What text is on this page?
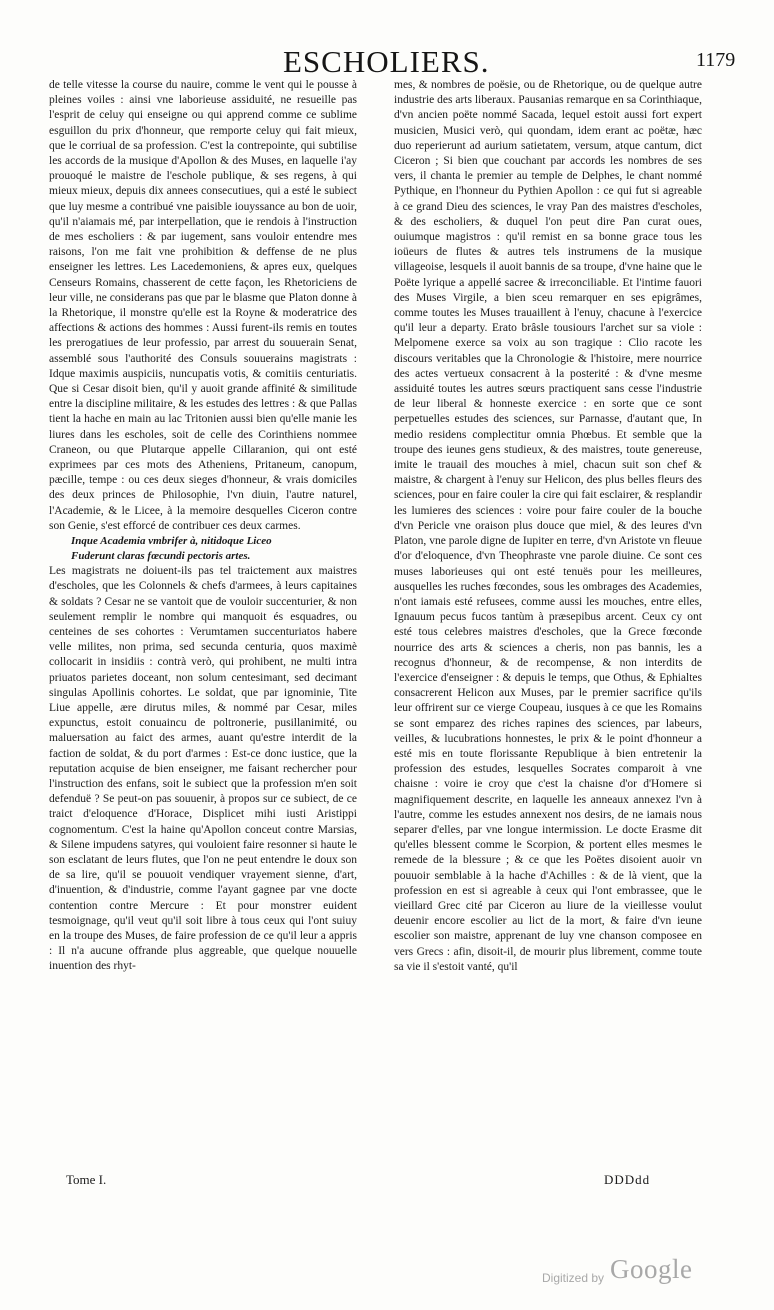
ESCHOLIERS.	1179

de telle vitesse la course du nauire, comme le vent qui le pousse à pleines voiles : ainsi vne laborieuse assiduité, ne resueille pas l'esprit de celuy qui enseigne ou qui apprend comme ce sublime esguillon du prix d'honneur, que remporte celuy qui fait mieux, que le corriual de sa profession. C'est la contrepointe, qui subtilise les accords de la musique d'Apollon & des Muses, en laquelle i'ay prouoqué le maistre de l'eschole publique, & ses regens, à qui mieux mieux, depuis dix annees consecutiues, qui a esté le subiect que luy mesme a contribué vne paisible iouyssance au bon de uoir, qu'il n'aiamais mé, par interpellation, que ie rendois à l'instruction de mes escholiers : & par iugement, sans vouloir entendre mes raisons, l'on me fait vne prohibition & deffense de ne plus enseigner les lettres. Les Lacedemoniens, & apres eux, quelques Censeurs Romains, chasserent de cette façon, les Rhetoriciens de leur ville, ne considerans pas que par le blasme que Platon donne à la Rhetorique, il monstre qu'elle est la Royne & moderatrice des affections & actions des hommes : Aussi furent-ils remis en toutes les prerogatiues de leur professio, par arrest du souuerain Senat, assemblé sous l'authorité des Consuls souuerains magistrats : Idque maximis auspiciis, nuncupatis votis, & comitiis centuriatis. Que si Cesar disoit bien, qu'il y auoit grande affinité & similitude entre la discipline militaire, & les estudes des lettres : & que Pallas tient la hache en main au lac Tritonien aussi bien qu'elle manie les liures dans les escholes, soit de celle des Corinthiens nommee Craneon, ou que Plutarque appelle Cillaranion, qui ont esté exprimees par ces mots des Atheniens, Pritaneum, canopum, pæcille, tempe : ou ces deux sieges d'honneur, & vrais domiciles des deux princes de Philosophie, l'vn diuin, l'autre naturel, l'Academie, & le Licee, à la memoire desquelles Ciceron contre son Genie, s'est efforcé de contribuer ces deux carmes.

Inque Academia vmbrifer à, nitidoque Liceo

Fuderunt claras fœcundi pectoris artes.

Les magistrats ne doiuent-ils pas tel traictement aux maistres d'escholes, que les Colonnels & chefs d'armees, à leurs capitaines & soldats ? Cesar ne se vantoit que de vouloir succenturier, & non seulement remplir le nombre qui manquoit és esquadres, ou centeines de ses cohortes : Verumtamen succenturiatos habere velle milites, non prima, sed secunda centuria, quos maximè collocarit in insidiis : contrà verò, qui prohibent, ne multi intra priuatos parietes doceant, non solum centesimant, sed decimant singulas Apollinis cohortes. Le soldat, que par ignominie, Tite Liue appelle, ære dirutus miles, & nommé par Cesar, miles expunctus, estoit conuaincu de poltronerie, pusillanimité, ou maluersation au faict des armes, auant qu'estre interdit de la faction de soldat, & du port d'armes : Est-ce donc iustice, que la reputation acquise de bien enseigner, me faisant rechercher pour l'instruction des enfans, soit le subiect que la profession m'en soit defenduë ? Se peut-on pas souuenir, à propos sur ce subiect, de ce traict d'eloquence d'Horace, Displicet mihi iusti Aristippi cognomentum. C'est la haine qu'Apollon conceut contre Marsias, & Silene impudens satyres, qui vouloient faire resonner si haute le son esclatant de leurs flutes, que l'on ne peut entendre le doux son de sa lire, qu'il se pouuoit vendiquer vrayement sienne, d'art, d'inuention, & d'industrie, comme l'ayant gagnee par vne docte contention contre Mercure : Et pour monstrer euident tesmoignage, qu'il veut qu'il soit libre à tous ceux qui l'ont suiuy en la troupe des Muses, de faire profession de ce qu'il leur a appris : Il n'a aucune offrande plus aggreable, que quelque nouuelle inuention des rhyt-

mes, & nombres de poësie, ou de Rhetorique, ou de quelque autre industrie des arts liberaux. Pausanias remarque en sa Corinthiaque, d'vn ancien poëte nommé Sacada, lequel estoit aussi fort expert musicien, Musici verò, qui quondam, idem erant ac poëtæ, hæc duo reperierunt ad aurium satietatem, versum, atque cantum, dict Ciceron ; Si bien que couchant par accords les nombres de ses vers, il chanta le premier au temple de Delphes, le chant nommé Pythique, en l'honneur du Pythien Apollon : ce qui fut si agreable à ce grand Dieu des sciences, le vray Pan des maistres d'escholes, & des escholiers, & duquel l'on peut dire Pan curat oues, ouiumque magistros : qu'il remist en sa bonne grace tous les ioüeurs de flutes & autres tels instrumens de la musique villageoise, lesquels il auoit bannis de sa troupe, d'vne haine que le Poëte lyrique a appellé sacree & irreconciliable. Et l'intime fauori des Muses Virgile, a bien sceu remarquer en ses epigrâmes, comme toutes les Muses trauaillent à l'enuy, chacune à l'exercice qu'il leur a departy. Erato brâsle tousiours l'archet sur sa viole : Melpomene exerce sa voix au son tragique : Clio racote les discours veritables que la Chronologie & l'histoire, mere nourrice des actes vertueux consacrent à la posterité : & d'vne mesme assiduité toutes les autres sœurs practiquent sans cesse l'industrie de leur liberal & honneste exercice : en sorte que ce sont perpetuelles estudes des sciences, sur Parnasse, d'autant que, In medio residens complectitur omnia Phœbus. Et semble que la troupe des ieunes gens studieux, & des maistres, toute genereuse, imite le trauail des mouches à miel, chacun suit son chef & maistre, & chargent à l'enuy sur Helicon, des plus belles fleurs des sciences, pour en faire couler la cire qui fait esclairer, & resplandir les lumieres des sciences : voire pour faire couler de la bouche d'vn Pericle vne oraison plus douce que miel, & des leures d'vn Platon, vne parole digne de Iupiter en terre, d'vn Aristote vn fleuue d'or d'eloquence, d'vn Theophraste vne parole diuine. Ce sont ces muses laborieuses qui ont esté tenuës pour les meilleures, ausquelles les ruches fœcondes, sous les ombrages des Academies, n'ont iamais esté refusees, comme aussi les mouches, entre elles, Ignauum pecus fucos tantùm à præsepibus arcent. Ceux cy ont esté tous celebres maistres d'escholes, que la Grece fœconde nourrice des arts & sciences a cheris, non pas bannis, les a recognus d'honneur, & de recompense, & non interdits de l'exercice d'enseigner : & depuis le temps, que Othus, & Ephialtes consacrerent Helicon aux Muses, par le premier sacrifice qu'ils leur offrirent sur ce vierge Coupeau, iusques à ce que les Romains se sont emparez des riches rapines des sciences, par labeurs, veilles, & lucubrations honnestes, le prix & le point d'honneur a esté mis en toute florissante Republique à bien entretenir la profession des estudes, lesquelles Socrates comparoit à vne chaisne : voire ie croy que c'est la chaisne d'or d'Homere si magnifiquement descrite, en laquelle les anneaux annexez l'vn à l'autre, comme les estudes annexent nos desirs, de ne iamais nous separer d'elles, par vne longue intermission. Le docte Erasme dit qu'elles blessent comme le Scorpion, & portent elles mesmes le remede de la blessure ; & ce que les Poëtes disoient auoir vn pouuoir semblable à la hache d'Achilles : & de là vient, que la profession en est si agreable à ceux qui l'ont embrassee, que le vieillard Grec cité par Ciceron au liure de la vieillesse voulut deuenir encore escolier au lict de la mort, & faire d'vn ieune escolier son maistre, apprenant de luy vne chanson composee en vers Grecs : afin, disoit-il, de mourir plus librement, comme toute sa vie il s'estoit vanté, qu'il

Tome I.	DDDdd
Digitized by Google
